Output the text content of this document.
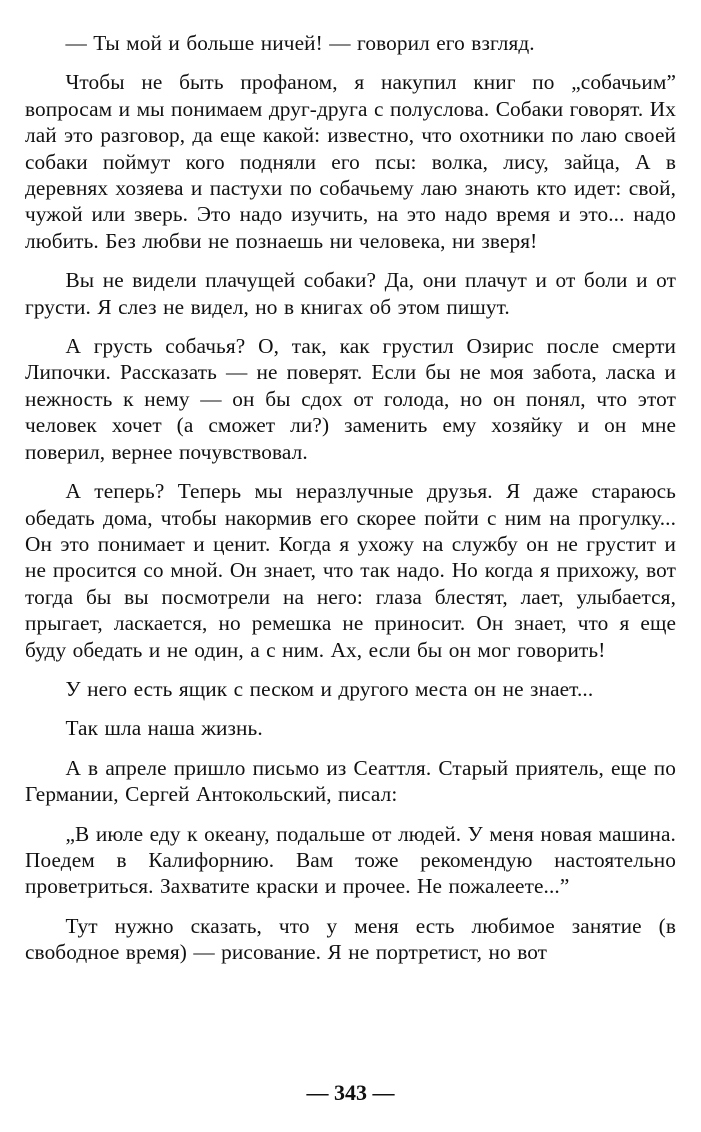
— Ты мой и больше ничей! — говорил его взгляд.

Чтобы не быть профаном, я накупил книг по „собачьим” вопросам и мы понимаем друг-друга с полуслова. Собаки говорят. Их лай это разговор, да еще какой: известно, что охотники по лаю своей собаки поймут кого подняли его псы: волка, лису, зайца, А в деревнях хозяева и пастухи по собачьему лаю знають кто идет: свой, чужой или зверь. Это надо изучить, на это надо время и это... надо любить. Без любви не познаешь ни человека, ни зверя!

Вы не видели плачущей собаки? Да, они плачут и от боли и от грусти. Я слез не видел, но в книгах об этом пишут.

А грусть собачья? О, так, как грустил Озирис после смерти Липочки. Рассказать — не поверят. Если бы не моя забота, ласка и нежность к нему — он бы сдох от голода, но он понял, что этот человек хочет (а сможет ли?) заменить ему хозяйку и он мне поверил, вернее почувствовал.

А теперь? Теперь мы неразлучные друзья. Я даже стараюсь обедать дома, чтобы накормив его скорее пойти с ним на прогулку... Он это понимает и ценит. Когда я ухожу на службу он не грустит и не просится со мной. Он знает, что так надо. Но когда я прихожу, вот тогда бы вы посмотрели на него: глаза блестят, лает, улыбается, прыгает, ласкается, но ремешка не приносит. Он знает, что я еще буду обедать и не один, а с ним. Ах, если бы он мог говорить!

У него есть ящик с песком и другого места он не знает...

Так шла наша жизнь.

А в апреле пришло письмо из Сеаттля. Старый приятель, еще по Германии, Сергей Антокольский, писал:

„В июле еду к океану, подальше от людей. У меня новая машина. Поедем в Калифорнию. Вам тоже рекомендую настоятельно проветриться. Захватите краски и прочее. Не пожалеете...”

Тут нужно сказать, что у меня есть любимое занятие (в свободное время) — рисование. Я не портретист, но вот

— 343 —
